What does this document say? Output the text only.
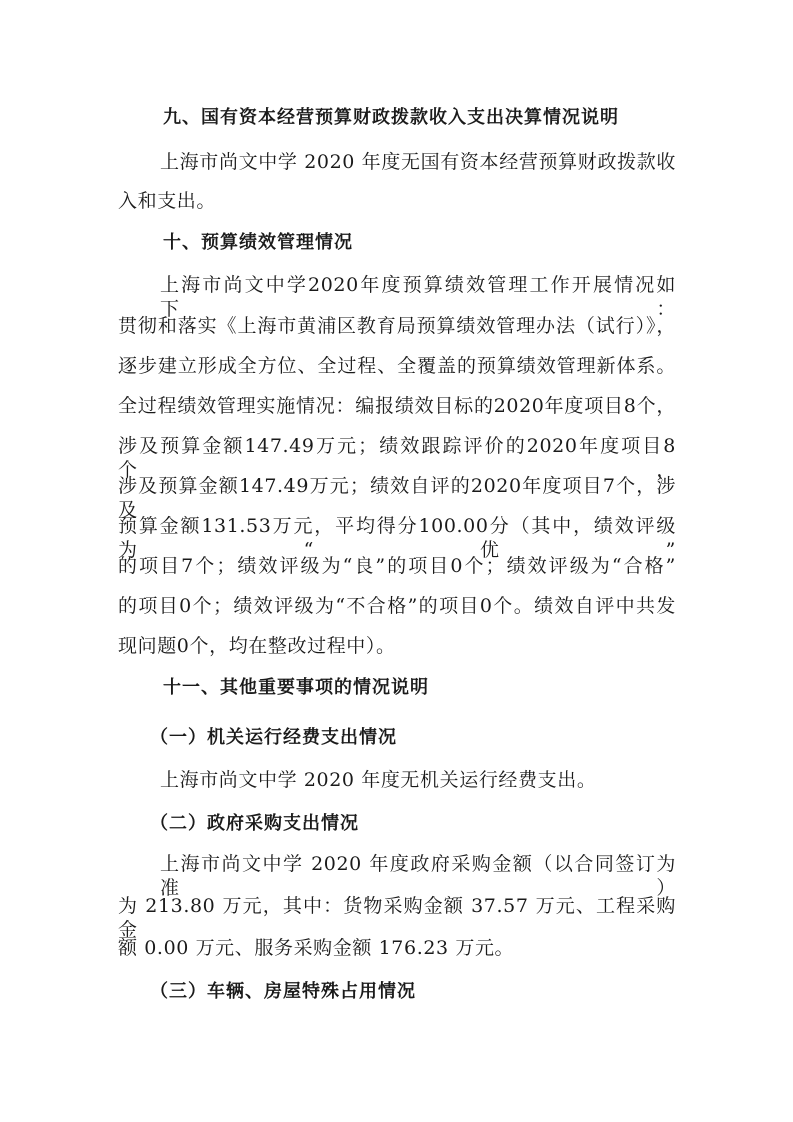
九、国有资本经营预算财政拨款收入支出决算情况说明
上海市尚文中学 2020 年度无国有资本经营预算财政拨款收
入和支出。
十、预算绩效管理情况
上海市尚文中学2020年度预算绩效管理工作开展情况如下：
贯彻和落实《上海市黄浦区教育局预算绩效管理办法（试行）》，
逐步建立形成全方位、全过程、全覆盖的预算绩效管理新体系。
全过程绩效管理实施情况：编报绩效目标的2020年度项目8个，
涉及预算金额147.49万元；绩效跟踪评价的2020年度项目8个，
涉及预算金额147.49万元；绩效自评的2020年度项目7个，涉及
预算金额131.53万元，平均得分100.00分（其中，绩效评级为“优”
的项目7个；绩效评级为“良”的项目0个；绩效评级为“合格”
的项目0个；绩效评级为“不合格”的项目0个。绩效自评中共发
现问题0个，均在整改过程中）。
十一、其他重要事项的情况说明
（一）机关运行经费支出情况
上海市尚文中学 2020 年度无机关运行经费支出。
（二）政府采购支出情况
上海市尚文中学 2020 年度政府采购金额（以合同签订为准）
为 213.80 万元，其中：货物采购金额 37.57 万元、工程采购金
额 0.00 万元、服务采购金额 176.23 万元。
（三）车辆、房屋特殊占用情况
